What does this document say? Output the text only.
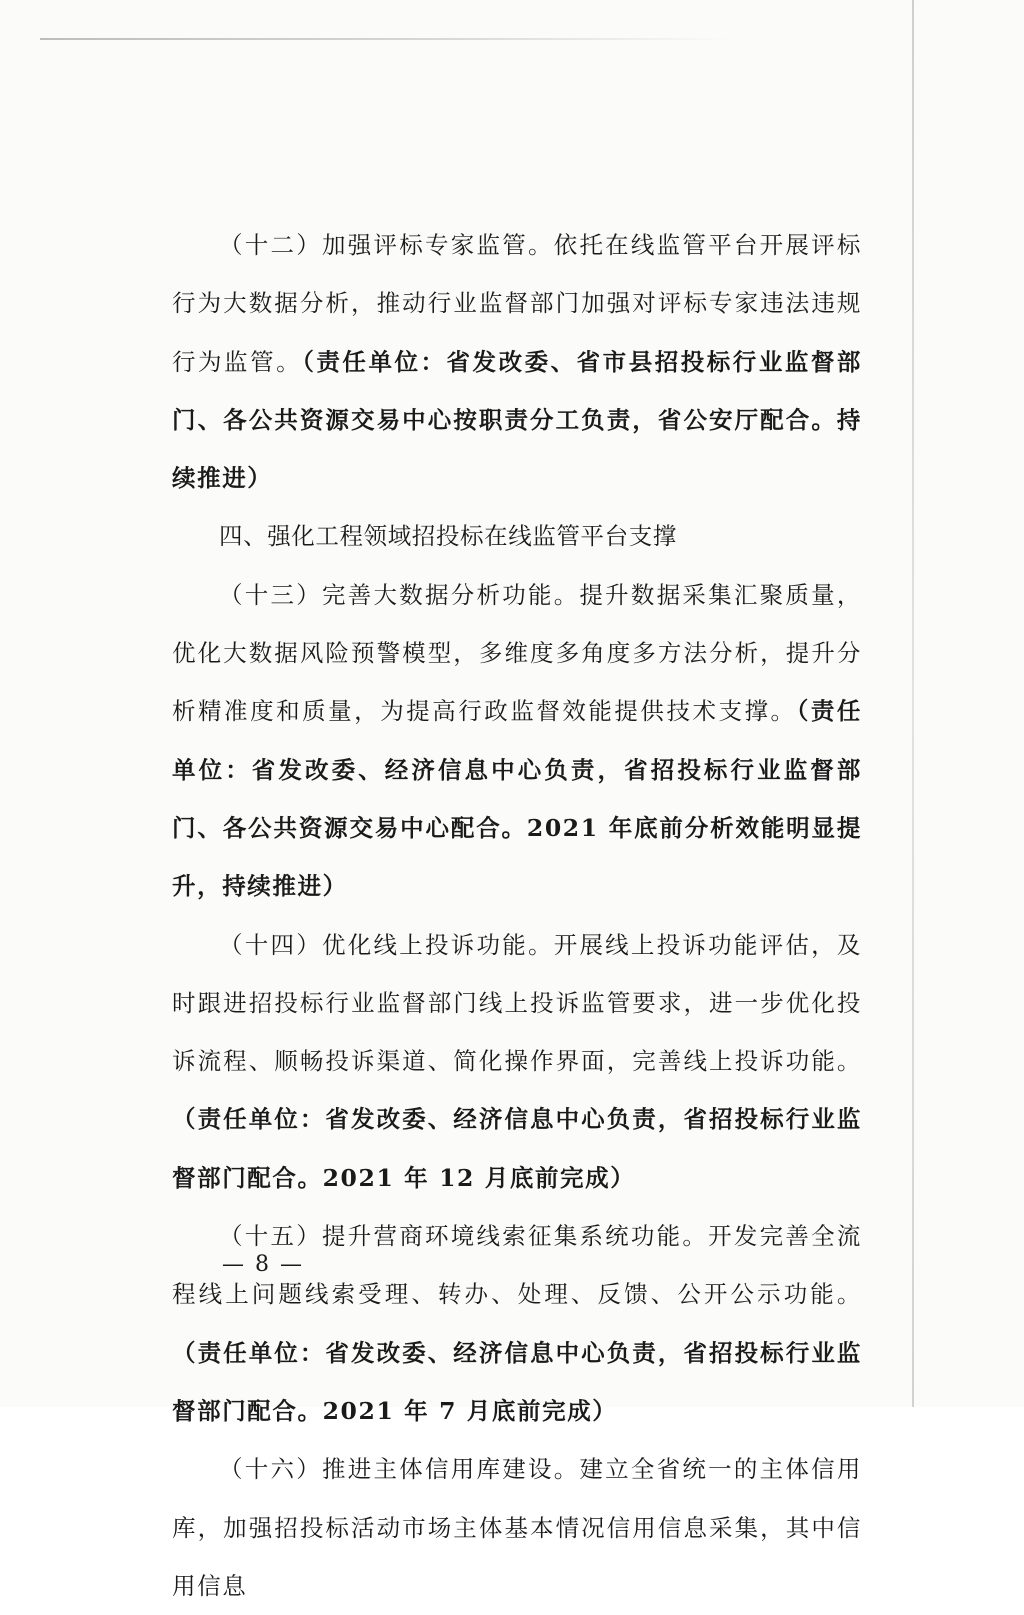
（十二）加强评标专家监管。依托在线监管平台开展评标行为大数据分析，推动行业监督部门加强对评标专家违法违规行为监管。（责任单位：省发改委、省市县招投标行业监督部门、各公共资源交易中心按职责分工负责，省公安厅配合。持续推进）

四、强化工程领域招投标在线监管平台支撑

（十三）完善大数据分析功能。提升数据采集汇聚质量，优化大数据风险预警模型，多维度多角度多方法分析，提升分析精准度和质量，为提高行政监督效能提供技术支撑。（责任单位：省发改委、经济信息中心负责，省招投标行业监督部门、各公共资源交易中心配合。2021 年底前分析效能明显提升，持续推进）

（十四）优化线上投诉功能。开展线上投诉功能评估，及时跟进招投标行业监督部门线上投诉监管要求，进一步优化投诉流程、顺畅投诉渠道、简化操作界面，完善线上投诉功能。（责任单位：省发改委、经济信息中心负责，省招投标行业监督部门配合。2021 年 12 月底前完成）

（十五）提升营商环境线索征集系统功能。开发完善全流程线上问题线索受理、转办、处理、反馈、公开公示功能。（责任单位：省发改委、经济信息中心负责，省招投标行业监督部门配合。2021 年 7 月底前完成）

（十六）推进主体信用库建设。建立全省统一的主体信用库，加强招投标活动市场主体基本情况信用信息采集，其中信用信息

— 8 —
